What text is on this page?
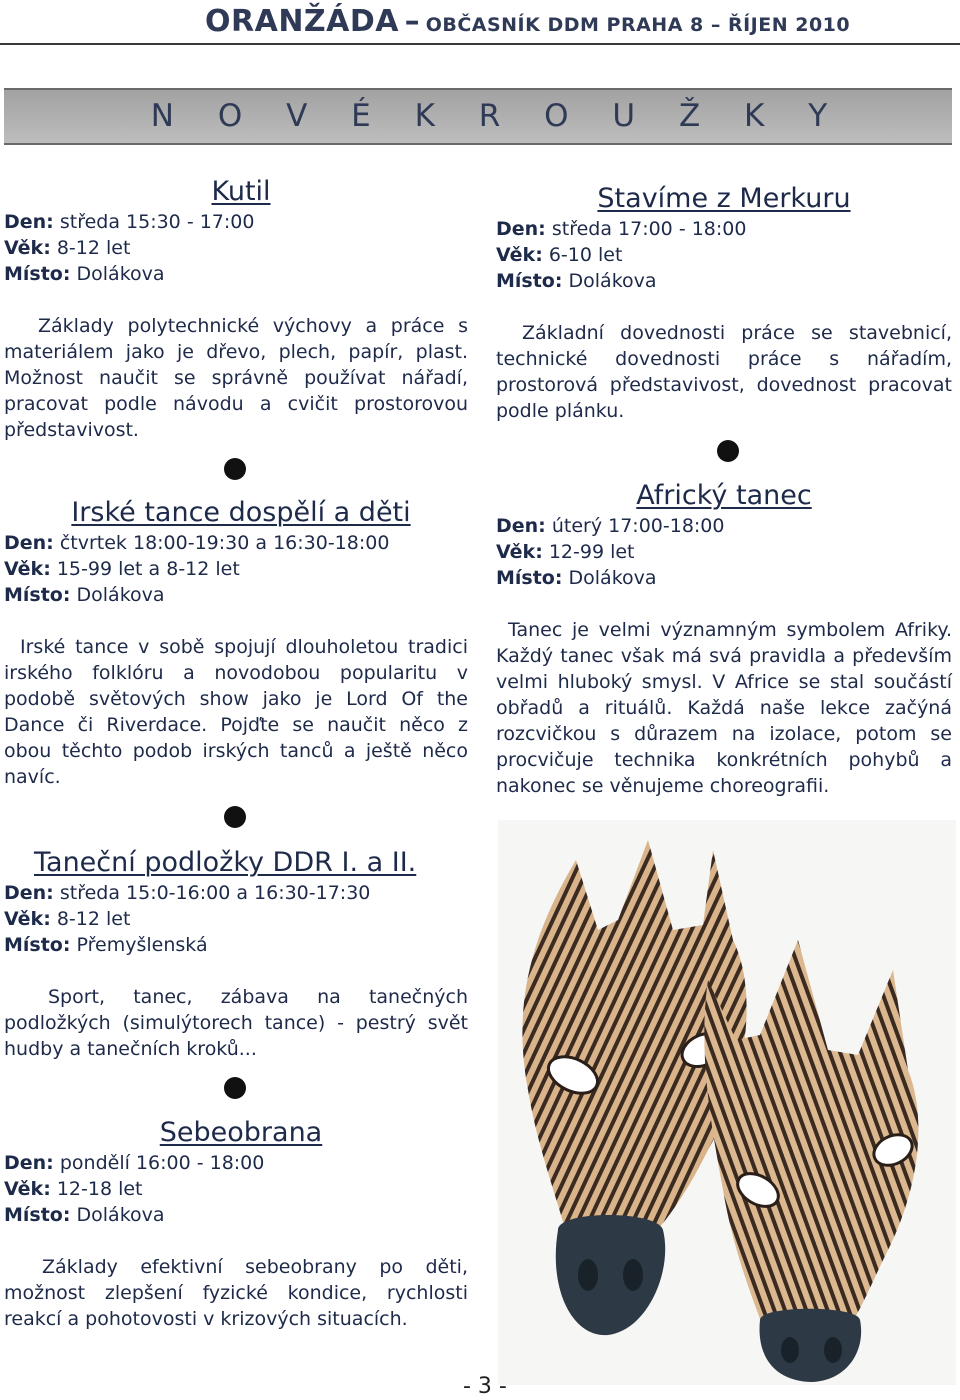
ORANŽÁDA – OBČASNÍK DDM PRAHA 8 – ŘÍJEN 2010
N O V É K R O U Ž K Y
Kutil
Den: středa 15:30 - 17:00
Věk: 8-12 let
Místo: Dolákova
Základy polytechnické výchovy a práce s materiálem jako je dřevo, plech, papír, plast. Možnost naučit se správně používat nářadí, pracovat podle návodu a cvičit prostorovou představivost.
Irské tance dospělí a děti
Den: čtvrtek 18:00-19:30 a 16:30-18:00
Věk: 15-99 let a 8-12 let
Místo: Dolákova
Irské tance v sobě spojují dlouholetou tradici irského folklóru a novodobou popularitu v podobě světových show jako je Lord Of the Dance či Riverdace. Pojďte se naučit něco z obou těchto podob irských tanců a ještě něco navíc.
Taneční podložky DDR I. a II.
Den: středa 15:0-16:00 a 16:30-17:30
Věk: 8-12 let
Místo: Přemyšlenská
Sport, tanec, zábava na tanečných podložkých (simulýtorech tance) - pestrý svět hudby a tanečních kroků...
Sebeobrana
Den: pondělí 16:00 - 18:00
Věk: 12-18 let
Místo: Dolákova
Základy efektivní sebeobrany po děti, možnost zlepšení fyzické kondice, rychlosti reakcí a pohotovosti v krizových situacích.
Stavíme z Merkuru
Den: středa 17:00 - 18:00
Věk: 6-10 let
Místo: Dolákova
Základní dovednosti práce se stavebnicí, technické dovednosti práce s nářadím, prostorová představivost, dovednost pracovat podle plánku.
Africký tanec
Den: úterý 17:00-18:00
Věk: 12-99 let
Místo: Dolákova
Tanec je velmi významným symbolem Afriky. Každý tanec však má svá pravidla a především velmi hluboký smysl. V Africe se stal součástí obřadů a rituálů. Každá naše lekce začýná rozcvičkou s důrazem na izolace, potom se procvičuje technika konkrétních pohybů a nakonec se věnujeme choreografii.
- 3 -
